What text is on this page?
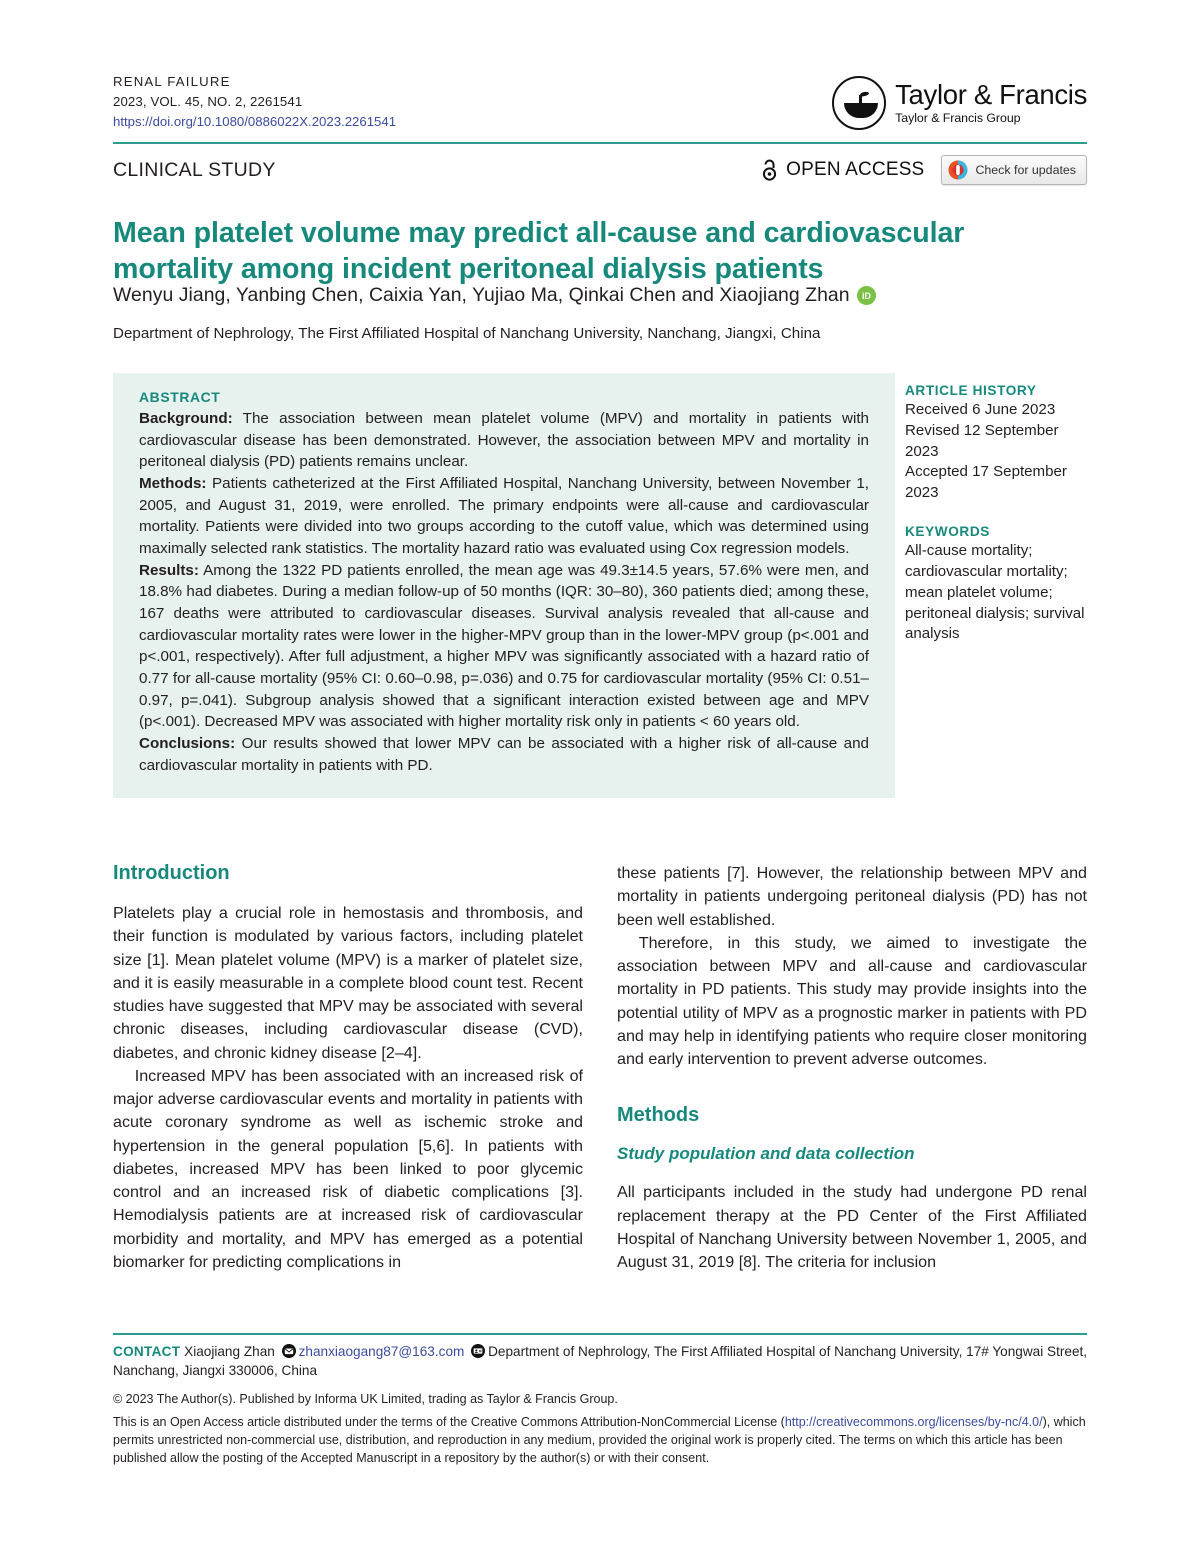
RENAL FAILURE
2023, VOL. 45, NO. 2, 2261541
https://doi.org/10.1080/0886022X.2023.2261541
Taylor & Francis
Taylor & Francis Group
CLINICAL STUDY	OPEN ACCESS	Check for updates
Mean platelet volume may predict all-cause and cardiovascular mortality among incident peritoneal dialysis patients
Wenyu Jiang, Yanbing Chen, Caixia Yan, Yujiao Ma, Qinkai Chen and Xiaojiang Zhan iD
Department of Nephrology, The First Affiliated Hospital of Nanchang University, Nanchang, Jiangxi, China
ABSTRACT

Background: The association between mean platelet volume (MPV) and mortality in patients with cardiovascular disease has been demonstrated. However, the association between MPV and mortality in peritoneal dialysis (PD) patients remains unclear.

Methods: Patients catheterized at the First Affiliated Hospital, Nanchang University, between November 1, 2005, and August 31, 2019, were enrolled. The primary endpoints were all-cause and cardiovascular mortality. Patients were divided into two groups according to the cutoff value, which was determined using maximally selected rank statistics. The mortality hazard ratio was evaluated using Cox regression models.

Results: Among the 1322 PD patients enrolled, the mean age was 49.3±14.5 years, 57.6% were men, and 18.8% had diabetes. During a median follow-up of 50 months (IQR: 30–80), 360 patients died; among these, 167 deaths were attributed to cardiovascular diseases. Survival analysis revealed that all-cause and cardiovascular mortality rates were lower in the higher-MPV group than in the lower-MPV group (p<.001 and p<.001, respectively). After full adjustment, a higher MPV was significantly associated with a hazard ratio of 0.77 for all-cause mortality (95% CI: 0.60–0.98, p=.036) and 0.75 for cardiovascular mortality (95% CI: 0.51–0.97, p=.041). Subgroup analysis showed that a significant interaction existed between age and MPV (p<.001). Decreased MPV was associated with higher mortality risk only in patients < 60 years old.

Conclusions: Our results showed that lower MPV can be associated with a higher risk of all-cause and cardiovascular mortality in patients with PD.

ARTICLE HISTORY
Received 6 June 2023
Revised 12 September 2023
Accepted 17 September 2023
KEYWORDS
All-cause mortality; cardiovascular mortality; mean platelet volume; peritoneal dialysis; survival analysis
Introduction

Platelets play a crucial role in hemostasis and thrombosis, and their function is modulated by various factors, including platelet size [1]. Mean platelet volume (MPV) is a marker of platelet size, and it is easily measurable in a complete blood count test. Recent studies have suggested that MPV may be associated with several chronic diseases, including cardiovascular disease (CVD), diabetes, and chronic kidney disease [2–4].

Increased MPV has been associated with an increased risk of major adverse cardiovascular events and mortality in patients with acute coronary syndrome as well as ischemic stroke and hypertension in the general population [5,6]. In patients with diabetes, increased MPV has been linked to poor glycemic control and an increased risk of diabetic complications [3]. Hemodialysis patients are at increased risk of cardiovascular morbidity and mortality, and MPV has emerged as a potential biomarker for predicting complications in

these patients [7]. However, the relationship between MPV and mortality in patients undergoing peritoneal dialysis (PD) has not been well established.

Therefore, in this study, we aimed to investigate the association between MPV and all-cause and cardiovascular mortality in PD patients. This study may provide insights into the potential utility of MPV as a prognostic marker in patients with PD and may help in identifying patients who require closer monitoring and early intervention to prevent adverse outcomes.

Methods
Study population and data collection

All participants included in the study had undergone PD renal replacement therapy at the PD Center of the First Affiliated Hospital of Nanchang University between November 1, 2005, and August 31, 2019 [8]. The criteria for inclusion

CONTACT Xiaojiang Zhan zhanxiaogang87@163.com Department of Nephrology, The First Affiliated Hospital of Nanchang University, 17# Yongwai Street, Nanchang, Jiangxi 330006, China
© 2023 The Author(s). Published by Informa UK Limited, trading as Taylor & Francis Group.
This is an Open Access article distributed under the terms of the Creative Commons Attribution-NonCommercial License (http://creativecommons.org/licenses/by-nc/4.0/), which permits unrestricted non-commercial use, distribution, and reproduction in any medium, provided the original work is properly cited. The terms on which this article has been published allow the posting of the Accepted Manuscript in a repository by the author(s) or with their consent.
